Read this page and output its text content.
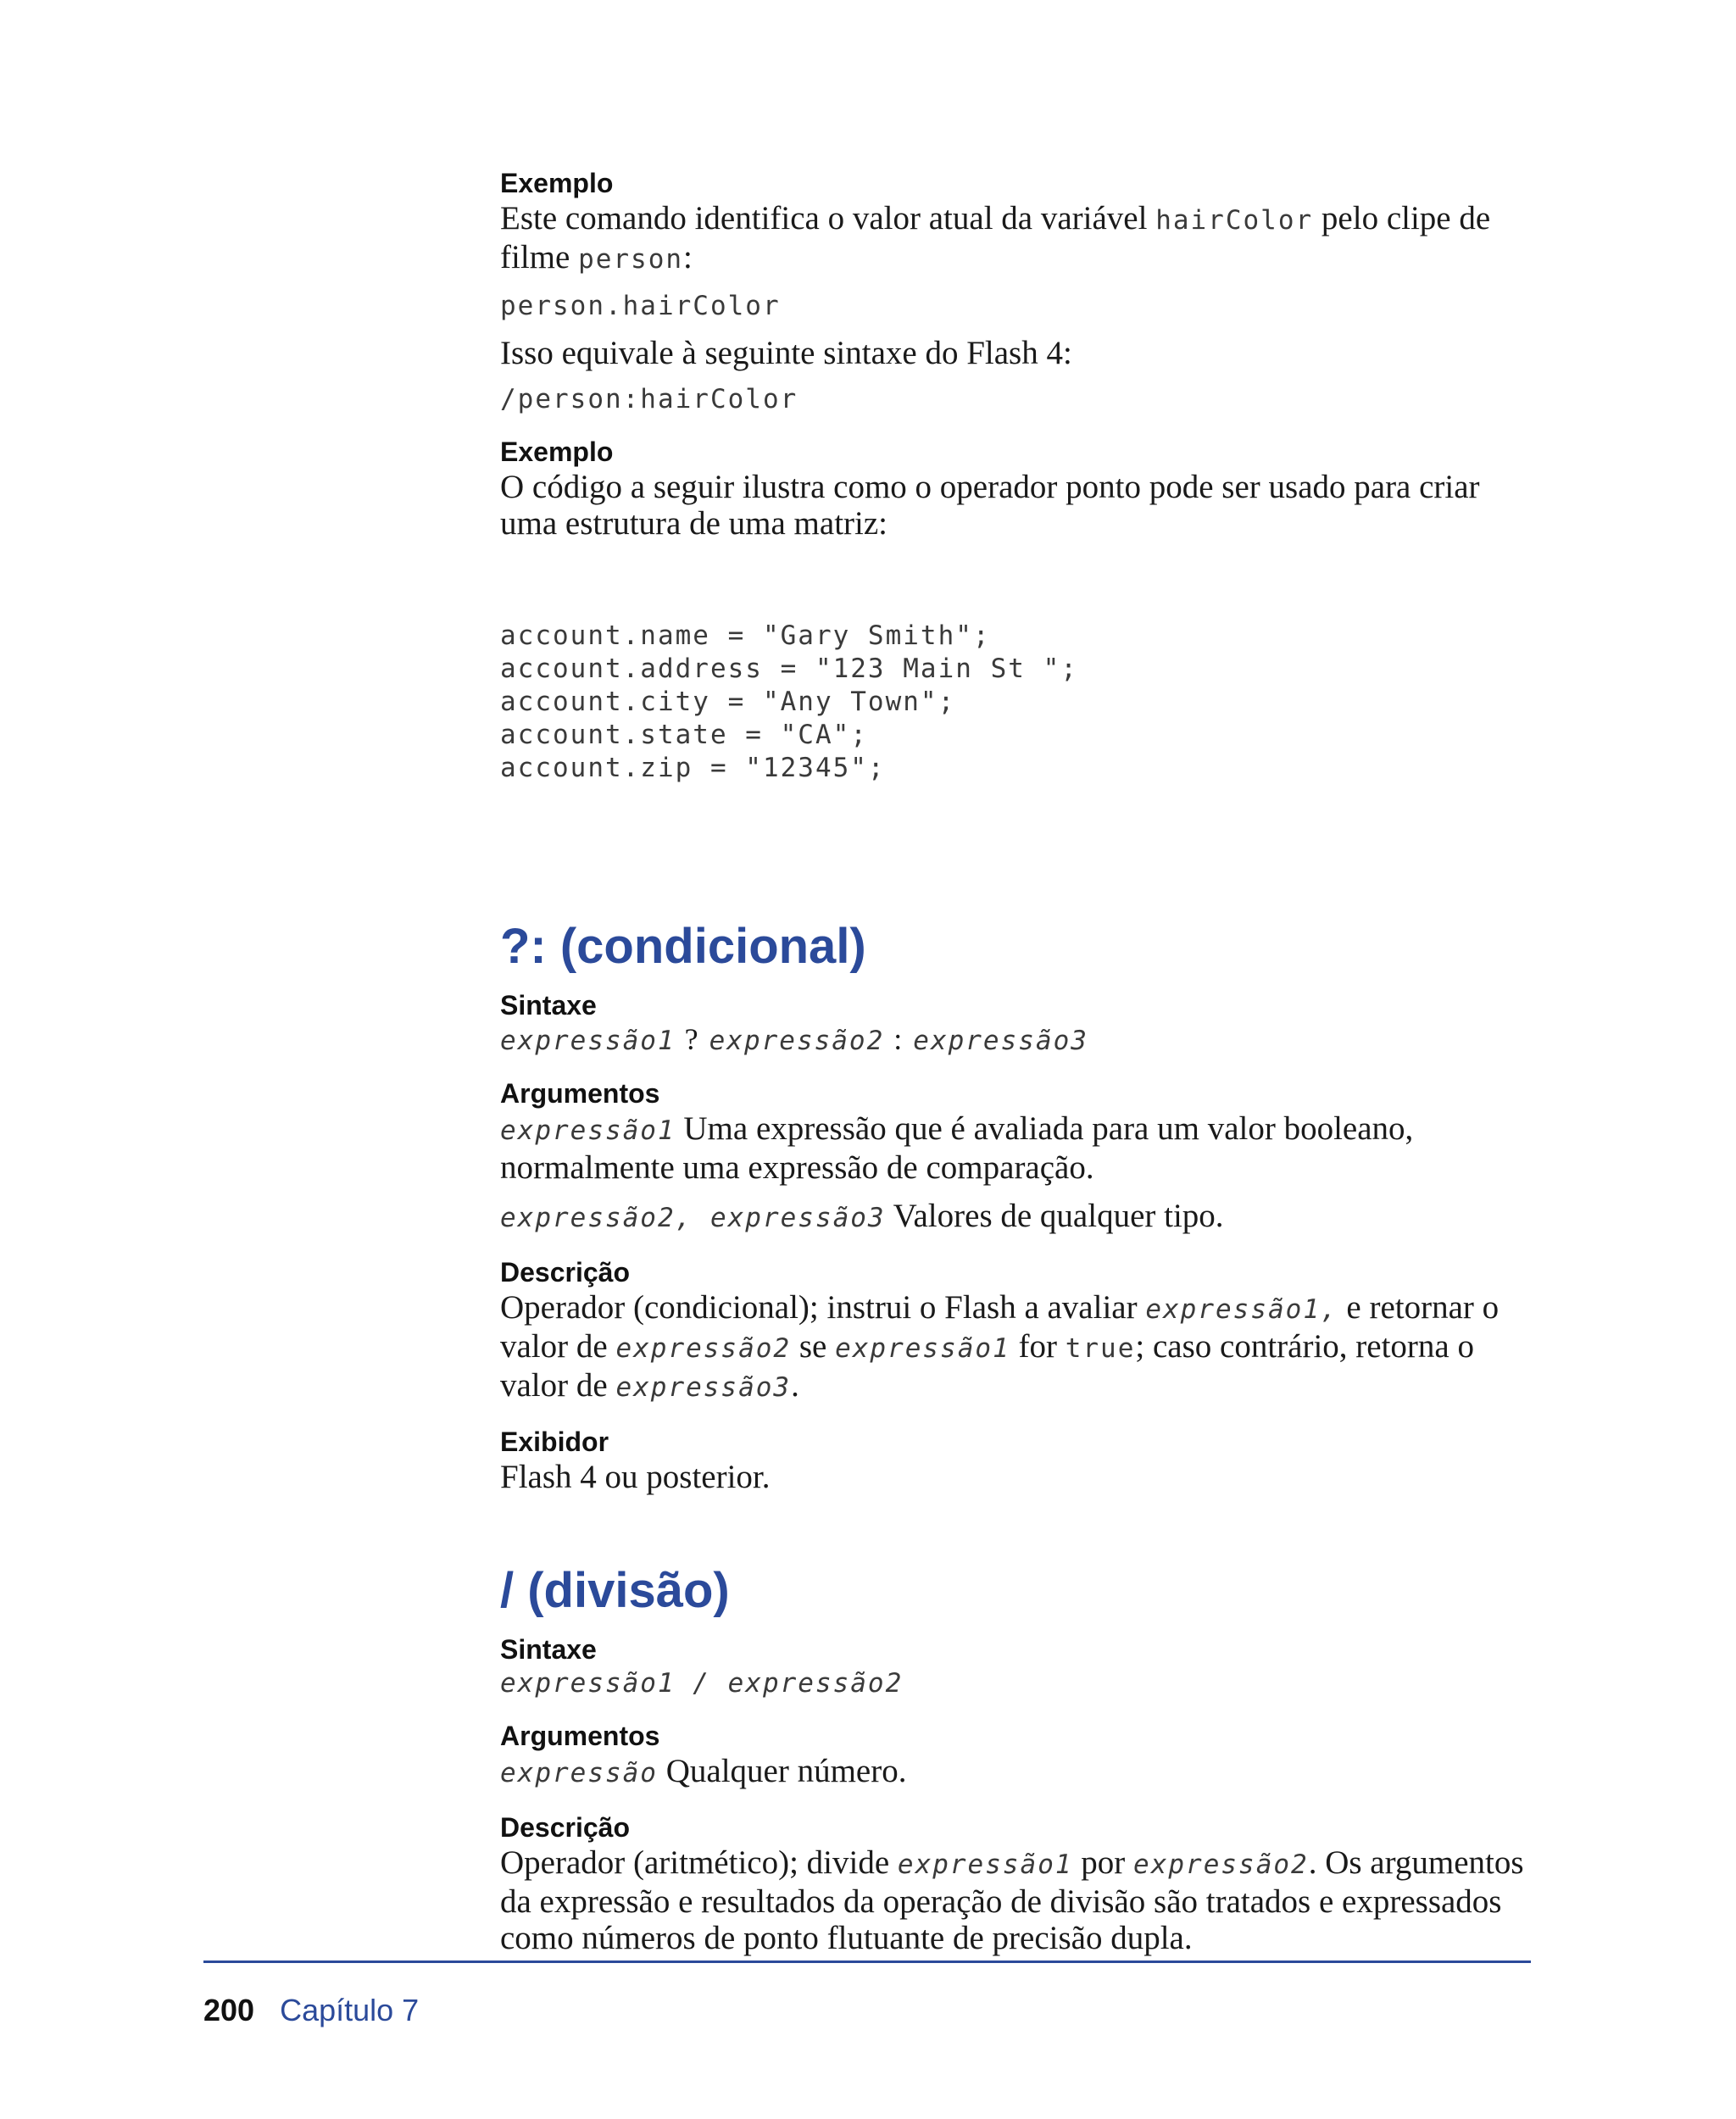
Exemplo
Este comando identifica o valor atual da variável hairColor pelo clipe de filme person:
person.hairColor
Isso equivale à seguinte sintaxe do Flash 4:
/person:hairColor
Exemplo
O código a seguir ilustra como o operador ponto pode ser usado para criar uma estrutura de uma matriz:

account.name = "Gary Smith";
account.address = "123 Main St ";
account.city = "Any Town";
account.state = "CA";
account.zip = "12345";

?: (condicional)
Sintaxe
expressão1 ? expressão2 : expressão3
Argumentos
expressão1 Uma expressão que é avaliada para um valor booleano, normalmente uma expressão de comparação.
expressão2, expressão3 Valores de qualquer tipo.
Descrição
Operador (condicional); instrui o Flash a avaliar expressão1, e retornar o valor de expressão2 se expressão1 for true; caso contrário, retorna o valor de expressão3.
Exibidor
Flash 4 ou posterior.
/ (divisão)
Sintaxe
expressão1 / expressão2
Argumentos
expressão Qualquer número.
Descrição
Operador (aritmético); divide expressão1 por expressão2. Os argumentos da expressão e resultados da operação de divisão são tratados e expressados como números de ponto flutuante de precisão dupla.
200 Capítulo 7
